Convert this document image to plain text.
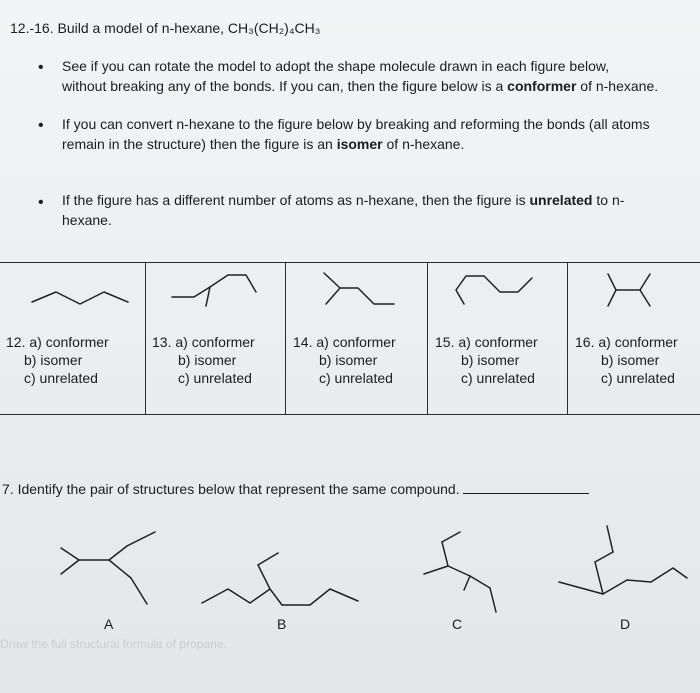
12.-16. Build a model of n-hexane, CH₃(CH₂)₄CH₃
• See if you can rotate the model to adopt the shape molecule drawn in each figure below,
without breaking any of the bonds. If you can, then the figure below is a conformer of n-hexane.
• If you can convert n-hexane to the figure below by breaking and reforming the bonds (all atoms
remain in the structure) then the figure is an isomer of n-hexane.
• If the figure has a different number of atoms as n-hexane, then the figure is unrelated to n-
hexane.
12. a) conformer
b) isomer
c) unrelated
13. a) conformer
b) isomer
c) unrelated
14. a) conformer
b) isomer
c) unrelated
15. a) conformer
b) isomer
c) unrelated
16. a) conformer
b) isomer
c) unrelated
7. Identify the pair of structures below that represent the same compound.
A	B	C	D
Draw the full structural formula of propane.
